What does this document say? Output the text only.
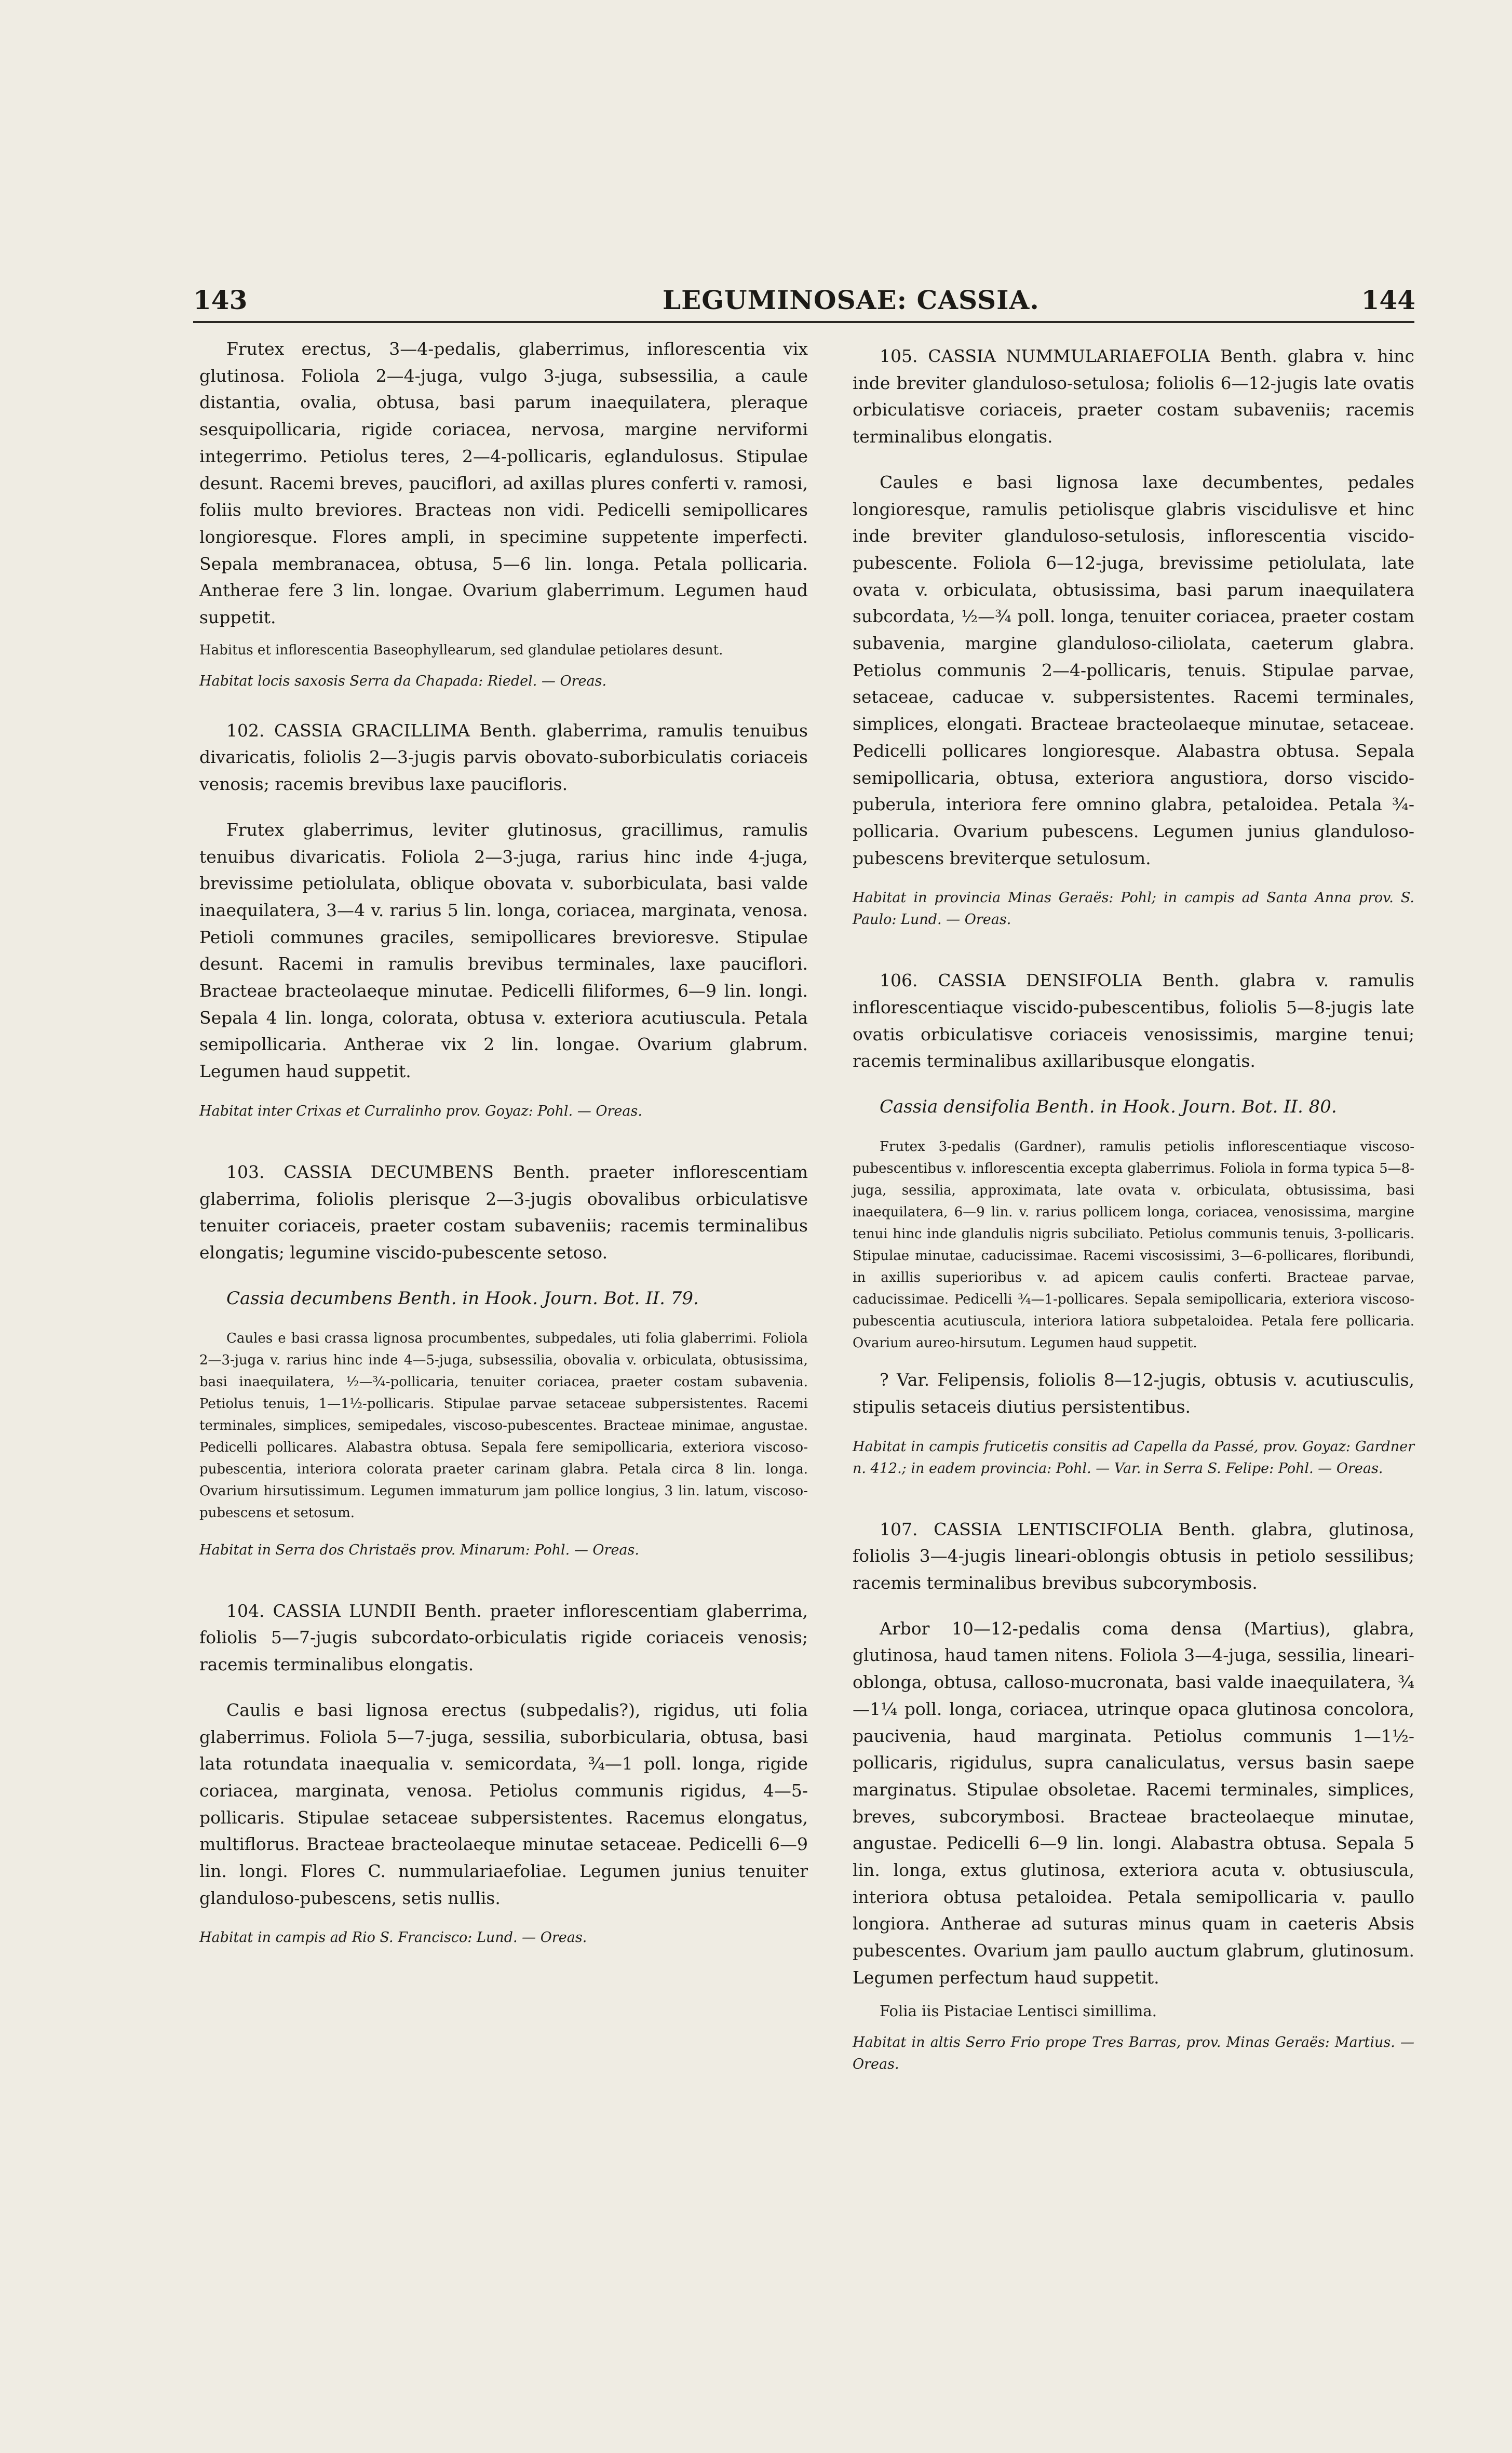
143	LEGUMINOSAE: CASSIA.	144

Frutex erectus, 3—4-pedalis, glaberrimus, inflorescentia vix glutinosa. Foliola 2—4-juga, vulgo 3-juga, subsessilia, a caule distantia, ovalia, obtusa, basi parum inaequilatera, pleraque sesquipollicaria, rigide coriacea, nervosa, margine nerviformi integerrimo. Petiolus teres, 2—4-pollicaris, eglandulosus. Stipulae desunt. Racemi breves, pauciflori, ad axillas plures conferti v. ramosi, foliis multo breviores. Bracteas non vidi. Pedicelli semipollicares longioresque. Flores ampli, in specimine suppetente imperfecti. Sepala membranacea, obtusa, 5—6 lin. longa. Petala pollicaria. Antherae fere 3 lin. longae. Ovarium glaberrimum. Legumen haud suppetit.

Habitus et inflorescentia Baseophyllearum, sed glandulae petiolares desunt.

Habitat locis saxosis Serra da Chapada: Riedel. — Oreas.

102. CASSIA GRACILLIMA Benth. glaberrima, ramulis tenuibus divaricatis, foliolis 2—3-jugis parvis obovato-suborbiculatis coriaceis venosis; racemis brevibus laxe paucifloris.

Frutex glaberrimus, leviter glutinosus, gracillimus, ramulis tenuibus divaricatis. Foliola 2—3-juga, rarius hinc inde 4-juga, brevissime petiolulata, oblique obovata v. suborbiculata, basi valde inaequilatera, 3—4 v. rarius 5 lin. longa, coriacea, marginata, venosa. Petioli communes graciles, semipollicares brevioresve. Stipulae desunt. Racemi in ramulis brevibus terminales, laxe pauciflori. Bracteae bracteolaeque minutae. Pedicelli filiformes, 6—9 lin. longi. Sepala 4 lin. longa, colorata, obtusa v. exteriora acutiuscula. Petala semipollicaria. Antherae vix 2 lin. longae. Ovarium glabrum. Legumen haud suppetit.

Habitat inter Crixas et Curralinho prov. Goyaz: Pohl. — Oreas.

103. CASSIA DECUMBENS Benth. praeter inflorescentiam glaberrima, foliolis plerisque 2—3-jugis obovalibus orbiculatisve tenuiter coriaceis, praeter costam subaveniis; racemis terminalibus elongatis; legumine viscido-pubescente setoso.

Cassia decumbens Benth. in Hook. Journ. Bot. II. 79.

Caules e basi crassa lignosa procumbentes, subpedales, uti folia glaberrimi. Foliola 2—3-juga v. rarius hinc inde 4—5-juga, subsessilia, obovalia v. orbiculata, obtusissima, basi inaequilatera, ½—¾-pollicaria, tenuiter coriacea, praeter costam subavenia. Petiolus tenuis, 1—1½-pollicaris. Stipulae parvae setaceae subpersistentes. Racemi terminales, simplices, semipedales, viscoso-pubescentes. Bracteae minimae, angustae. Pedicelli pollicares. Alabastra obtusa. Sepala fere semipollicaria, exteriora viscoso-pubescentia, interiora colorata praeter carinam glabra. Petala circa 8 lin. longa. Ovarium hirsutissimum. Legumen immaturum jam pollice longius, 3 lin. latum, viscoso-pubescens et setosum.

Habitat in Serra dos Christaës prov. Minarum: Pohl. — Oreas.

104. CASSIA LUNDII Benth. praeter inflorescentiam glaberrima, foliolis 5—7-jugis subcordato-orbiculatis rigide coriaceis venosis; racemis terminalibus elongatis.

Caulis e basi lignosa erectus (subpedalis?), rigidus, uti folia glaberrimus. Foliola 5—7-juga, sessilia, suborbicularia, obtusa, basi lata rotundata inaequalia v. semicordata, ¾—1 poll. longa, rigide coriacea, marginata, venosa. Petiolus communis rigidus, 4—5-pollicaris. Stipulae setaceae subpersistentes. Racemus elongatus, multiflorus. Bracteae bracteolaeque minutae setaceae. Pedicelli 6—9 lin. longi. Flores C. nummulariaefoliae. Legumen junius tenuiter glanduloso-pubescens, setis nullis.

Habitat in campis ad Rio S. Francisco: Lund. — Oreas.

105. CASSIA NUMMULARIAEFOLIA Benth. glabra v. hinc inde breviter glanduloso-setulosa; foliolis 6—12-jugis late ovatis orbiculatisve coriaceis, praeter costam subaveniis; racemis terminalibus elongatis.

Caules e basi lignosa laxe decumbentes, pedales longioresque, ramulis petiolisque glabris viscidulisve et hinc inde breviter glanduloso-setulosis, inflorescentia viscido-pubescente. Foliola 6—12-juga, brevissime petiolulata, late ovata v. orbiculata, obtusissima, basi parum inaequilatera subcordata, ½—¾ poll. longa, tenuiter coriacea, praeter costam subavenia, margine glanduloso-ciliolata, caeterum glabra. Petiolus communis 2—4-pollicaris, tenuis. Stipulae parvae, setaceae, caducae v. subpersistentes. Racemi terminales, simplices, elongati. Bracteae bracteolaeque minutae, setaceae. Pedicelli pollicares longioresque. Alabastra obtusa. Sepala semipollicaria, obtusa, exteriora angustiora, dorso viscido-puberula, interiora fere omnino glabra, petaloidea. Petala ¾-pollicaria. Ovarium pubescens. Legumen junius glanduloso-pubescens breviterque setulosum.

Habitat in provincia Minas Geraës: Pohl; in campis ad Santa Anna prov. S. Paulo: Lund. — Oreas.

106. CASSIA DENSIFOLIA Benth. glabra v. ramulis inflorescentiaque viscido-pubescentibus, foliolis 5—8-jugis late ovatis orbiculatisve coriaceis venosissimis, margine tenui; racemis terminalibus axillaribusque elongatis.

Cassia densifolia Benth. in Hook. Journ. Bot. II. 80.

Frutex 3-pedalis (Gardner), ramulis petiolis inflorescentiaque viscoso-pubescentibus v. inflorescentia excepta glaberrimus. Foliola in forma typica 5—8-juga, sessilia, approximata, late ovata v. orbiculata, obtusissima, basi inaequilatera, 6—9 lin. v. rarius pollicem longa, coriacea, venosissima, margine tenui hinc inde glandulis nigris subciliato. Petiolus communis tenuis, 3-pollicaris. Stipulae minutae, caducissimae. Racemi viscosissimi, 3—6-pollicares, floribundi, in axillis superioribus v. ad apicem caulis conferti. Bracteae parvae, caducissimae. Pedicelli ¾—1-pollicares. Sepala semipollicaria, exteriora viscoso-pubescentia acutiuscula, interiora latiora subpetaloidea. Petala fere pollicaria. Ovarium aureo-hirsutum. Legumen haud suppetit.

? Var. Felipensis, foliolis 8—12-jugis, obtusis v. acutiusculis, stipulis setaceis diutius persistentibus.

Habitat in campis fruticetis consitis ad Capella da Passé, prov. Goyaz: Gardner n. 412.; in eadem provincia: Pohl. — Var. in Serra S. Felipe: Pohl. — Oreas.

107. CASSIA LENTISCIFOLIA Benth. glabra, glutinosa, foliolis 3—4-jugis lineari-oblongis obtusis in petiolo sessilibus; racemis terminalibus brevibus subcorymbosis.

Arbor 10—12-pedalis coma densa (Martius), glabra, glutinosa, haud tamen nitens. Foliola 3—4-juga, sessilia, lineari-oblonga, obtusa, calloso-mucronata, basi valde inaequilatera, ¾—1¼ poll. longa, coriacea, utrinque opaca glutinosa concolora, paucivenia, haud marginata. Petiolus communis 1—1½-pollicaris, rigidulus, supra canaliculatus, versus basin saepe marginatus. Stipulae obsoletae. Racemi terminales, simplices, breves, subcorymbosi. Bracteae bracteolaeque minutae, angustae. Pedicelli 6—9 lin. longi. Alabastra obtusa. Sepala 5 lin. longa, extus glutinosa, exteriora acuta v. obtusiuscula, interiora obtusa petaloidea. Petala semipollicaria v. paullo longiora. Antherae ad suturas minus quam in caeteris Absis pubescentes. Ovarium jam paullo auctum glabrum, glutinosum. Legumen perfectum haud suppetit.

Folia iis Pistaciae Lentisci simillima.

Habitat in altis Serro Frio prope Tres Barras, prov. Minas Geraës: Martius. — Oreas.
